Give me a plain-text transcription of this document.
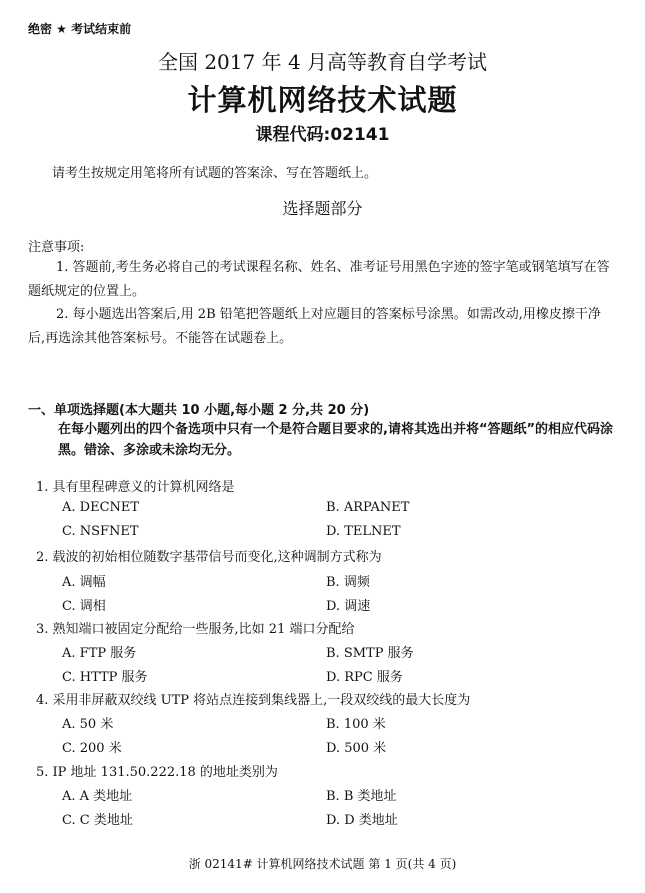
绝密 ★ 考试结束前
全国 2017 年 4 月高等教育自学考试
计算机网络技术试题
课程代码:02141
请考生按规定用笔将所有试题的答案涂、写在答题纸上。
选择题部分
注意事项:
1. 答题前,考生务必将自己的考试课程名称、姓名、准考证号用黑色字迹的签字笔或钢笔填写在答题纸规定的位置上。
2. 每小题选出答案后,用 2B 铅笔把答题纸上对应题目的答案标号涂黑。如需改动,用橡皮擦干净后,再选涂其他答案标号。不能答在试题卷上。
一、单项选择题(本大题共 10 小题,每小题 2 分,共 20 分)
在每小题列出的四个备选项中只有一个是符合题目要求的,请将其选出并将“答题纸”的相应代码涂黑。错涂、多涂或未涂均无分。
1. 具有里程碑意义的计算机网络是
A. DECNET	B. ARPANET
C. NSFNET	D. TELNET
2. 载波的初始相位随数字基带信号而变化,这种调制方式称为
A. 调幅	B. 调频
C. 调相	D. 调速
3. 熟知端口被固定分配给一些服务,比如 21 端口分配给
A. FTP 服务	B. SMTP 服务
C. HTTP 服务	D. RPC 服务
4. 采用非屏蔽双绞线 UTP 将站点连接到集线器上,一段双绞线的最大长度为
A. 50 米	B. 100 米
C. 200 米	D. 500 米
5. IP 地址 131.50.222.18 的地址类别为
A. A 类地址	B. B 类地址
C. C 类地址	D. D 类地址
浙 02141# 计算机网络技术试题 第 1 页(共 4 页)
